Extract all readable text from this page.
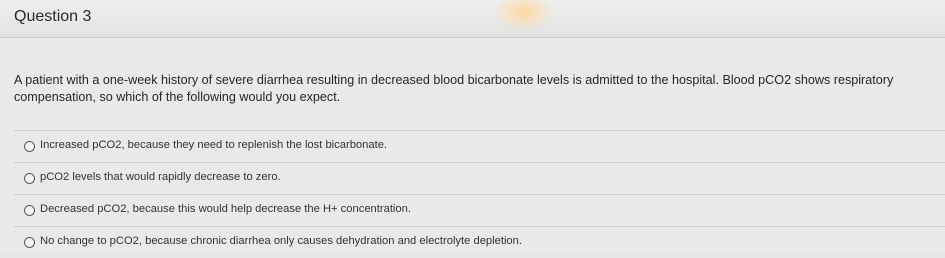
Question 3
A patient with a one-week history of severe diarrhea resulting in decreased blood bicarbonate levels is admitted to the hospital. Blood pCO2 shows respiratory compensation, so which of the following would you expect.
Increased pCO2, because they need to replenish the lost bicarbonate.
pCO2 levels that would rapidly decrease to zero.
Decreased pCO2, because this would help decrease the H+ concentration.
No change to pCO2, because chronic diarrhea only causes dehydration and electrolyte depletion.
